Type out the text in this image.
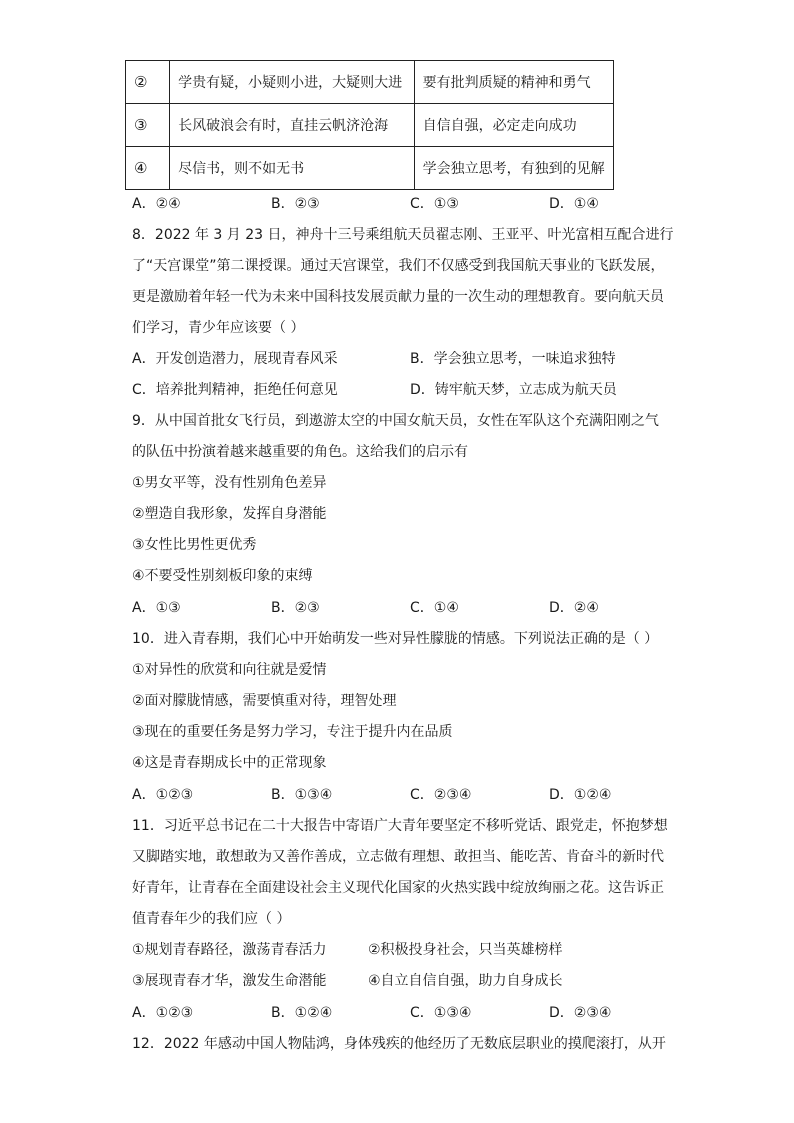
②	学贵有疑，小疑则小进，大疑则大进	要有批判质疑的精神和勇气
③	长风破浪会有时，直挂云帆济沧海	自信自强，必定走向成功
④	尽信书，则不如无书	学会独立思考，有独到的见解
A．②④	B．②③	C．①③	D．①④
8．2022 年 3 月 23 日，神舟十三号乘组航天员翟志刚、王亚平、叶光富相互配合进行
了“天宫课堂”第二课授课。通过天宫课堂，我们不仅感受到我国航天事业的飞跃发展，
更是激励着年轻一代为未来中国科技发展贡献力量的一次生动的理想教育。要向航天员
们学习，青少年应该要（ ）
A．开发创造潜力，展现青春风采	B．学会独立思考，一味追求独特
C．培养批判精神，拒绝任何意见	D．铸牢航天梦，立志成为航天员
9．从中国首批女飞行员，到遨游太空的中国女航天员，女性在军队这个充满阳刚之气
的队伍中扮演着越来越重要的角色。这给我们的启示有
①男女平等，没有性别角色差异
②塑造自我形象，发挥自身潜能
③女性比男性更优秀
④不要受性别刻板印象的束缚
A．①③	B．②③	C．①④	D．②④
10．进入青春期，我们心中开始萌发一些对异性朦胧的情感。下列说法正确的是（ ）
①对异性的欣赏和向往就是爱情
②面对朦胧情感，需要慎重对待，理智处理
③现在的重要任务是努力学习，专注于提升内在品质
④这是青春期成长中的正常现象
A．①②③	B．①③④	C．②③④	D．①②④
11．习近平总书记在二十大报告中寄语广大青年要坚定不移听党话、跟党走，怀抱梦想
又脚踏实地，敢想敢为又善作善成，立志做有理想、敢担当、能吃苦、肯奋斗的新时代
好青年，让青春在全面建设社会主义现代化国家的火热实践中绽放绚丽之花。这告诉正
值青春年少的我们应（ ）
①规划青春路径，激荡青春活力	②积极投身社会，只当英雄榜样
③展现青春才华，激发生命潜能	④自立自信自强，助力自身成长
A．①②③	B．①②④	C．①③④	D．②③④
12．2022 年感动中国人物陆鸿，身体残疾的他经历了无数底层职业的摸爬滚打，从开
